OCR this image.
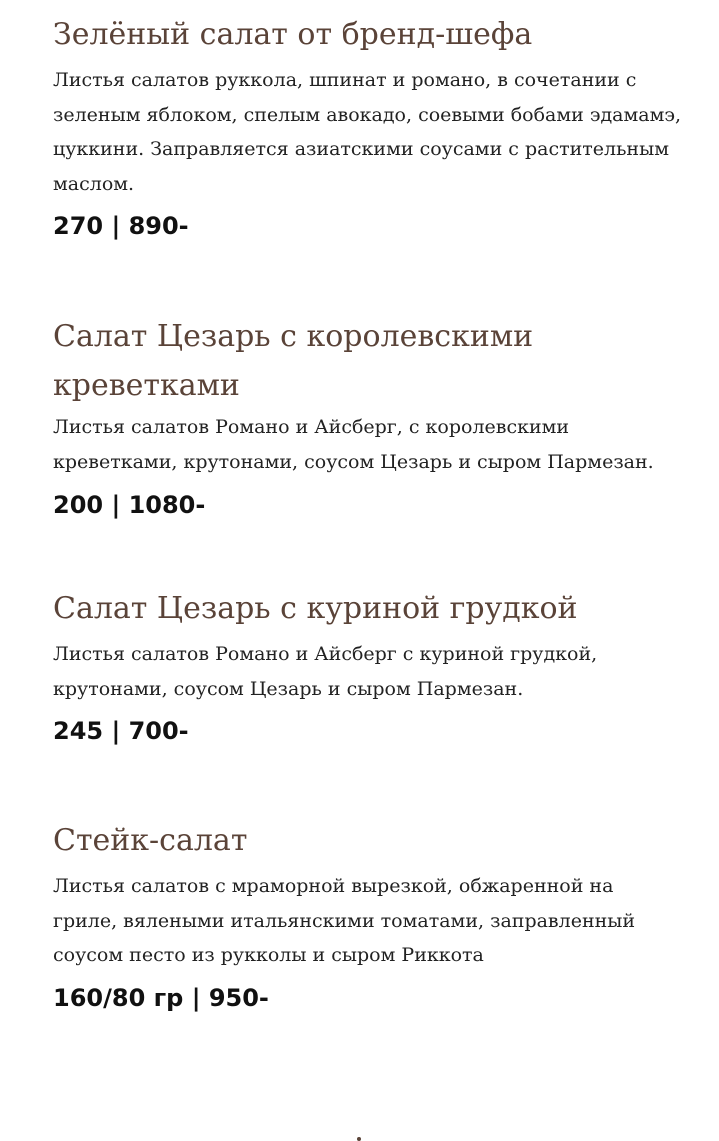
Зелёный салат от бренд-шефа

Листья салатов руккола, шпинат и романо, в сочетании с зеленым яблоком, спелым авокадо, соевыми бобами эдамамэ, цуккини. Заправляется азиатскими соусами с растительным маслом.

270 | 890-

Салат Цезарь с королевскими креветками

Листья салатов Романо и Айсберг, с королевскими креветками, крутонами, соусом Цезарь и сыром Пармезан.

200 | 1080-

Салат Цезарь с куриной грудкой

Листья салатов Романо и Айсберг с куриной грудкой, крутонами, соусом Цезарь и сыром Пармезан.

245 | 700-

Стейк-салат

Листья салатов с мраморной вырезкой, обжаренной на гриле, вялеными итальянскими томатами, заправленный соусом песто из рукколы и сыром Риккота

160/80 гр | 950-
